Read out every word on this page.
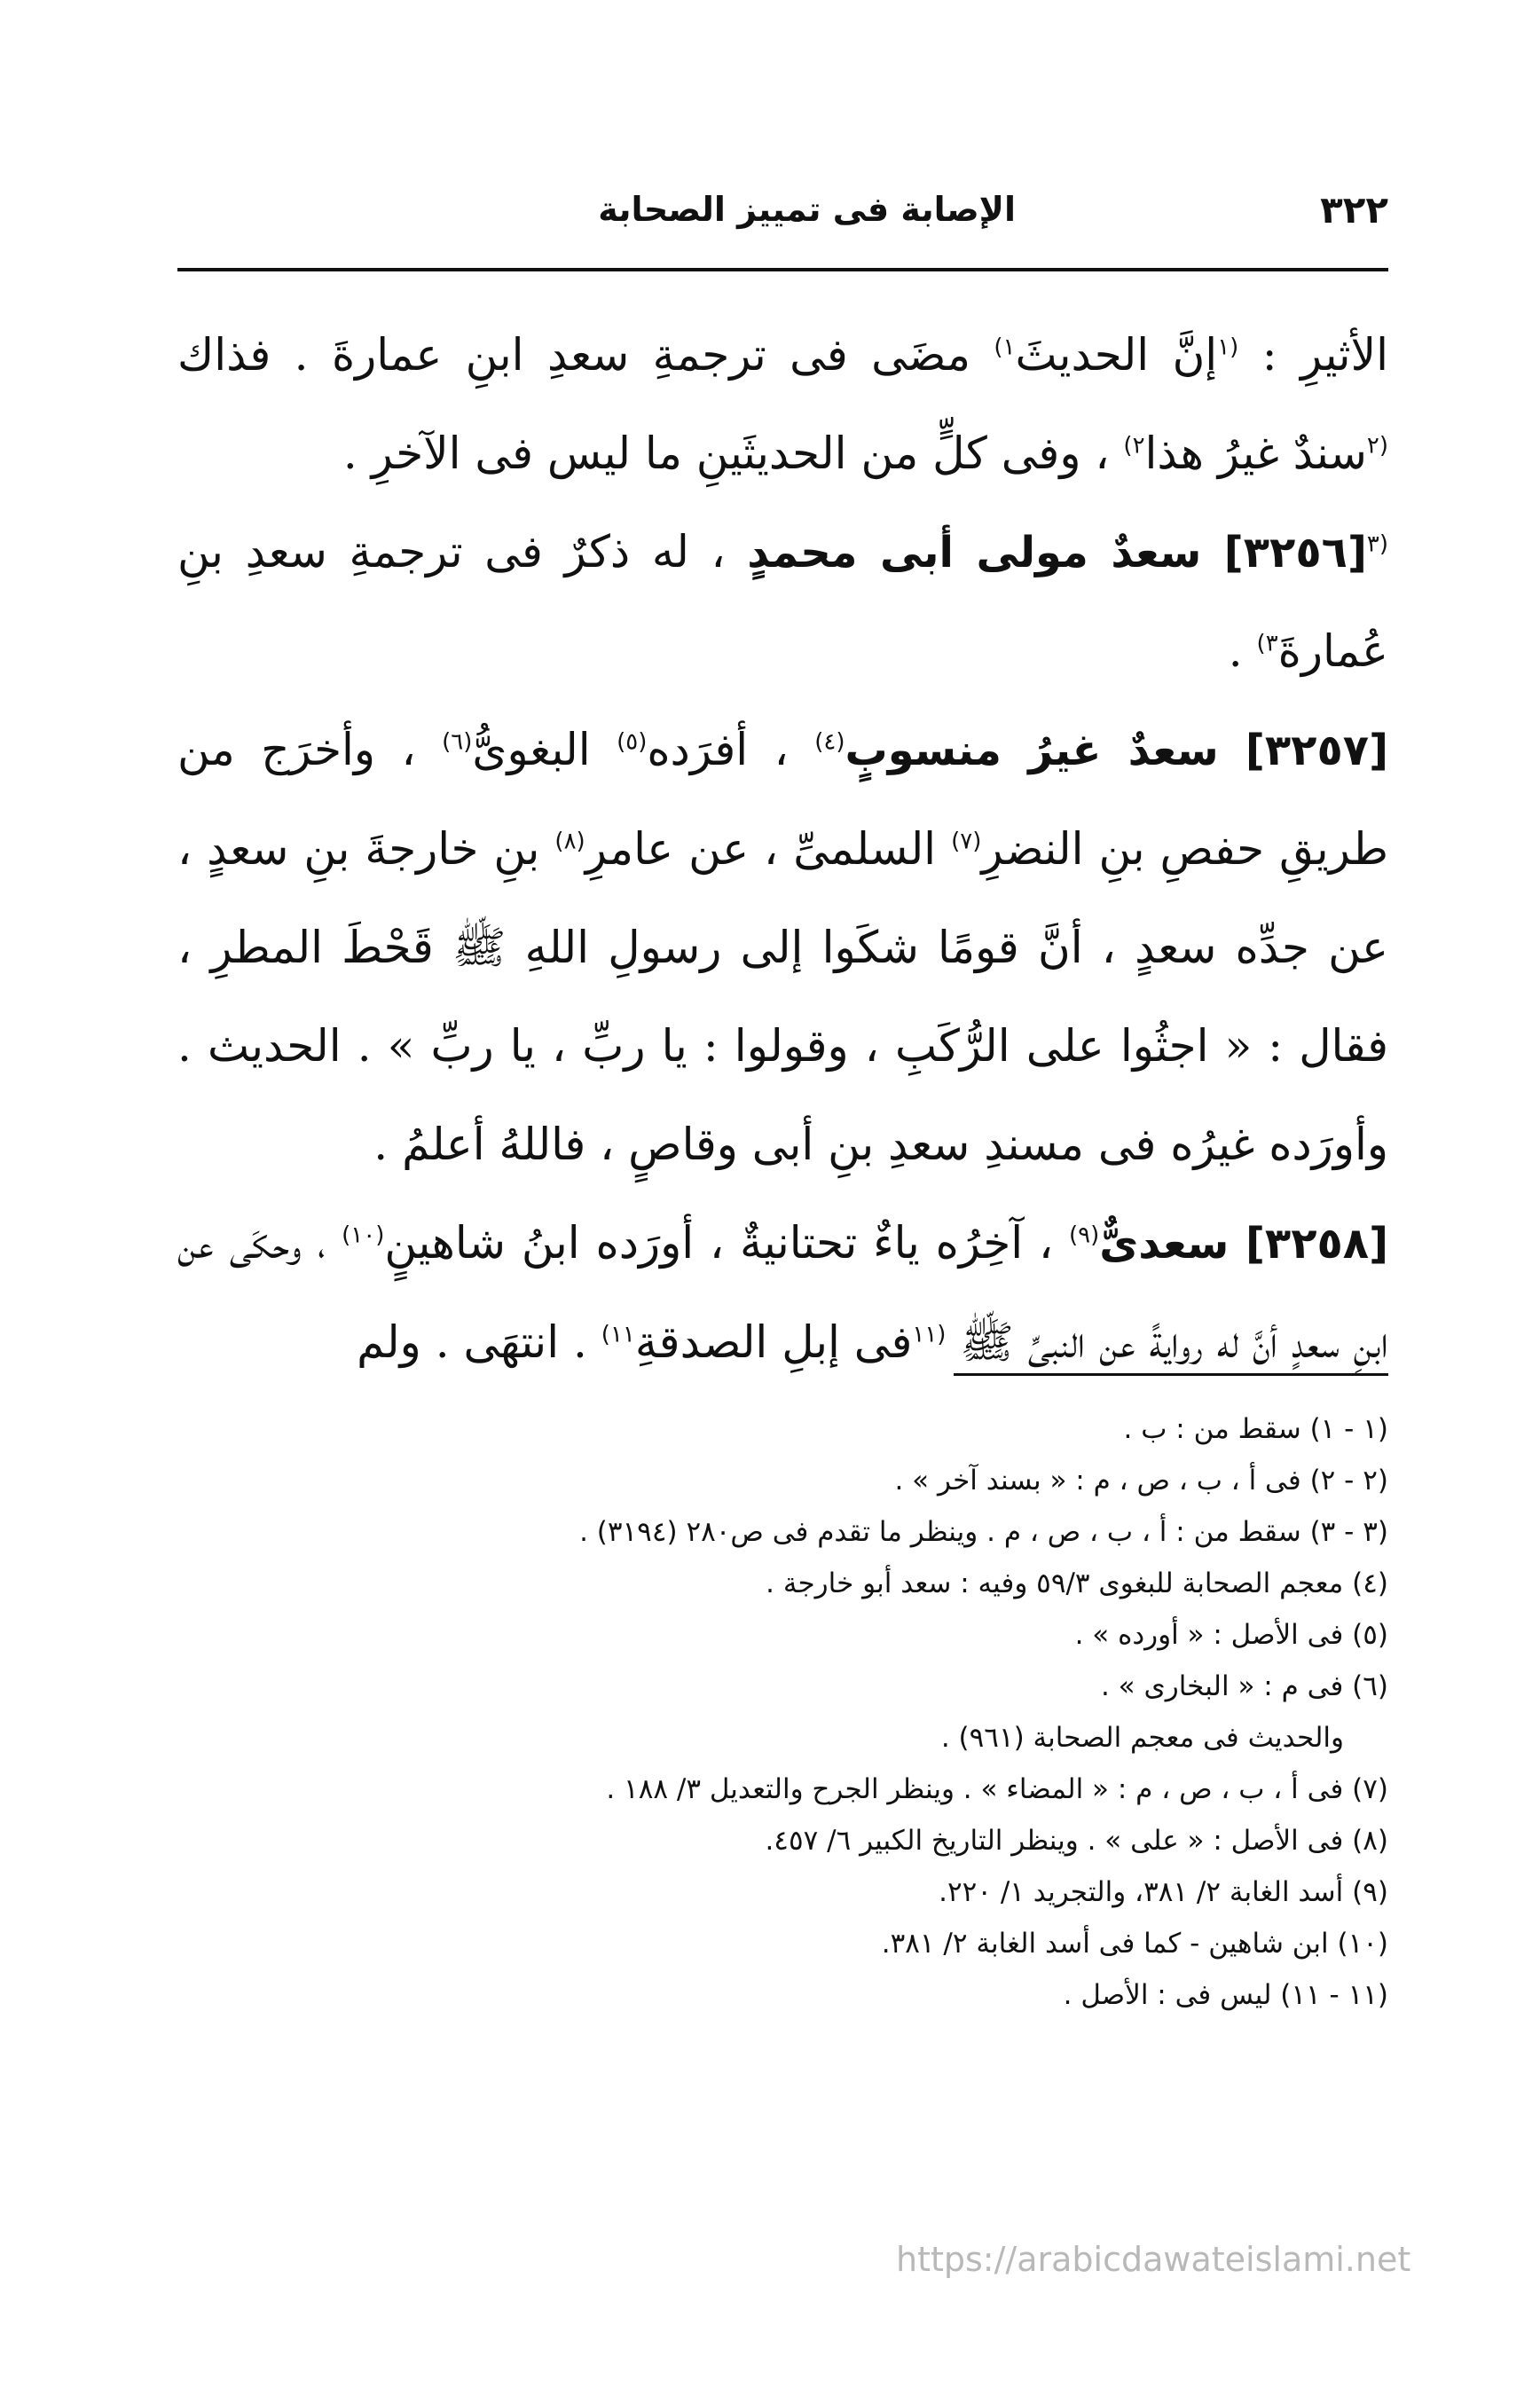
٣٢٢
الإصابة فى تمييز الصحابة

الأثيرِ : $^{(١}$إنَّ الحديثَ$^{١)}$ مضَى فى ترجمةِ سعدِ ابنِ عمارةَ . فذاك $^{(٢}$سندٌ غيرُ هذا$^{٢)}$ ، وفى كلٍّ من الحديثَينِ ما ليس فى الآخرِ .

$^{(٣}$[٣٢٥٦] سعدٌ مولى أبى محمدٍ ، له ذكرٌ فى ترجمةِ سعدِ بنِ عُمارةَ$^{٣)}$ .

[٣٢٥٧] سعدٌ غيرُ منسوبٍ$^{(٤)}$ ، أفرَده$^{(٥)}$ البغوىُّ$^{(٦)}$ ، وأخرَج من طريقِ حفصِ بنِ النضرِ$^{(٧)}$ السلمىِّ ، عن عامرِ$^{(٨)}$ بنِ خارجةَ بنِ سعدٍ ، عن جدِّه سعدٍ ، أنَّ قومًا شكَوا إلى رسولِ اللهِ ﷺ قَحْطَ المطرِ ، فقال : « اجثُوا على الرُّكَبِ ، وقولوا : يا ربِّ ، يا ربِّ » . الحديث . وأورَده غيرُه فى مسندِ سعدِ بنِ أبى وقاصٍ ، فاللهُ أعلمُ .

[٣٢٥٨] سعدىٌّ$^{(٩)}$ ، آخِرُه ياءٌ تحتانيةٌ ، أورَده ابنُ شاهينٍ$^{(١٠)}$ ، وحكَى عن ابنِ سعدٍ أنَّ له روايةً عن النبىِّ ﷺ $^{(١١}$فى إبلِ الصدقةِ$^{١١)}$ . انتهَى . ولم

(١ - ١) سقط من : ب .

(٢ - ٢) فى أ ، ب ، ص ، م : « بسند آخر » .

(٣ - ٣) سقط من : أ ، ب ، ص ، م . وينظر ما تقدم فى ص٢٨٠ (٣١٩٤) .

(٤) معجم الصحابة للبغوى ٥٩/٣ وفيه : سعد أبو خارجة .

(٥) فى الأصل : « أورده » .

(٦) فى م : « البخارى » .

والحديث فى معجم الصحابة (٩٦١) .

(٧) فى أ ، ب ، ص ، م : « المضاء » . وينظر الجرح والتعديل ٣/ ١٨٨ .

(٨) فى الأصل : « على » . وينظر التاريخ الكبير ٦/ ٤٥٧.

(٩) أسد الغابة ٢/ ٣٨١، والتجريد ١/ ٢٢٠.

(١٠) ابن شاهين - كما فى أسد الغابة ٢/ ٣٨١.

(١١ - ١١) ليس فى : الأصل .

https://arabicdawateislami.net
